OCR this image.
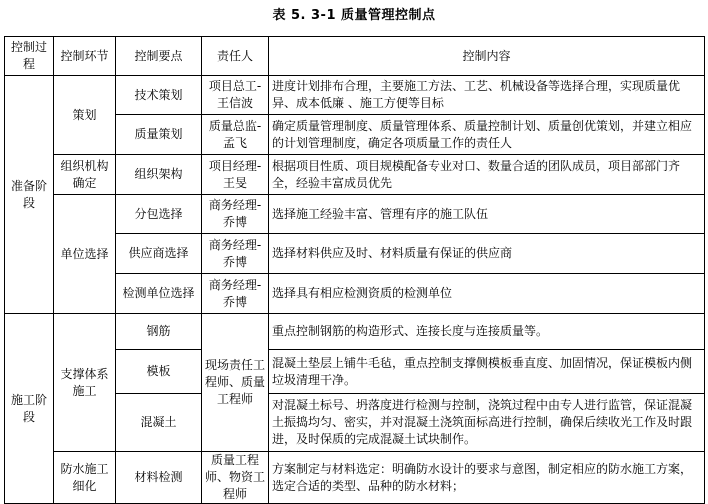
表 5. 3-1 质量管理控制点
控制过程	控制环节	控制要点	责任人	控制内容
准备阶段	策划	技术策划	项目总工-王信波	进度计划排布合理，主要施工方法、工艺、机械设备等选择合理，实现质量优异、成本低廉 、施工方便等目标
		质量策划	质量总监-孟飞	确定质量管理制度、质量管理体系、质量控制计划、质量创优策划，并建立相应的计划管理制度，确定各项质量工作的责任人
	组织机构确定	组织架构	项目经理-王旻	根据项目性质、项目规模配备专业对口、数量合适的团队成员，项目部部门齐全，经验丰富成员优先
	单位选择	分包选择	商务经理-乔博	选择施工经验丰富、管理有序的施工队伍
		供应商选择	商务经理-乔博	选择材料供应及时、材料质量有保证的供应商
		检测单位选择	商务经理-乔博	选择具有相应检测资质的检测单位
施工阶段	支撑体系施工	钢筋	现场责任工程师、质量工程师	重点控制钢筋的构造形式、连接长度与连接质量等。
		模板		混凝土垫层上铺牛毛毡，重点控制支撑侧模板垂直度、加固情况，保证模板内侧垃圾清理干净。
		混凝土		对混凝土标号、坍落度进行检测与控制，浇筑过程中由专人进行监管，保证混凝土振捣均匀、密实，并对混凝土浇筑面标高进行控制，确保后续收光工作及时跟进，及时保质的完成混凝土试块制作。
	防水施工细化	材料检测	质量工程师、物资工程师	方案制定与材料选定：明确防水设计的要求与意图，制定相应的防水施工方案，选定合适的类型、品种的防水材料；
